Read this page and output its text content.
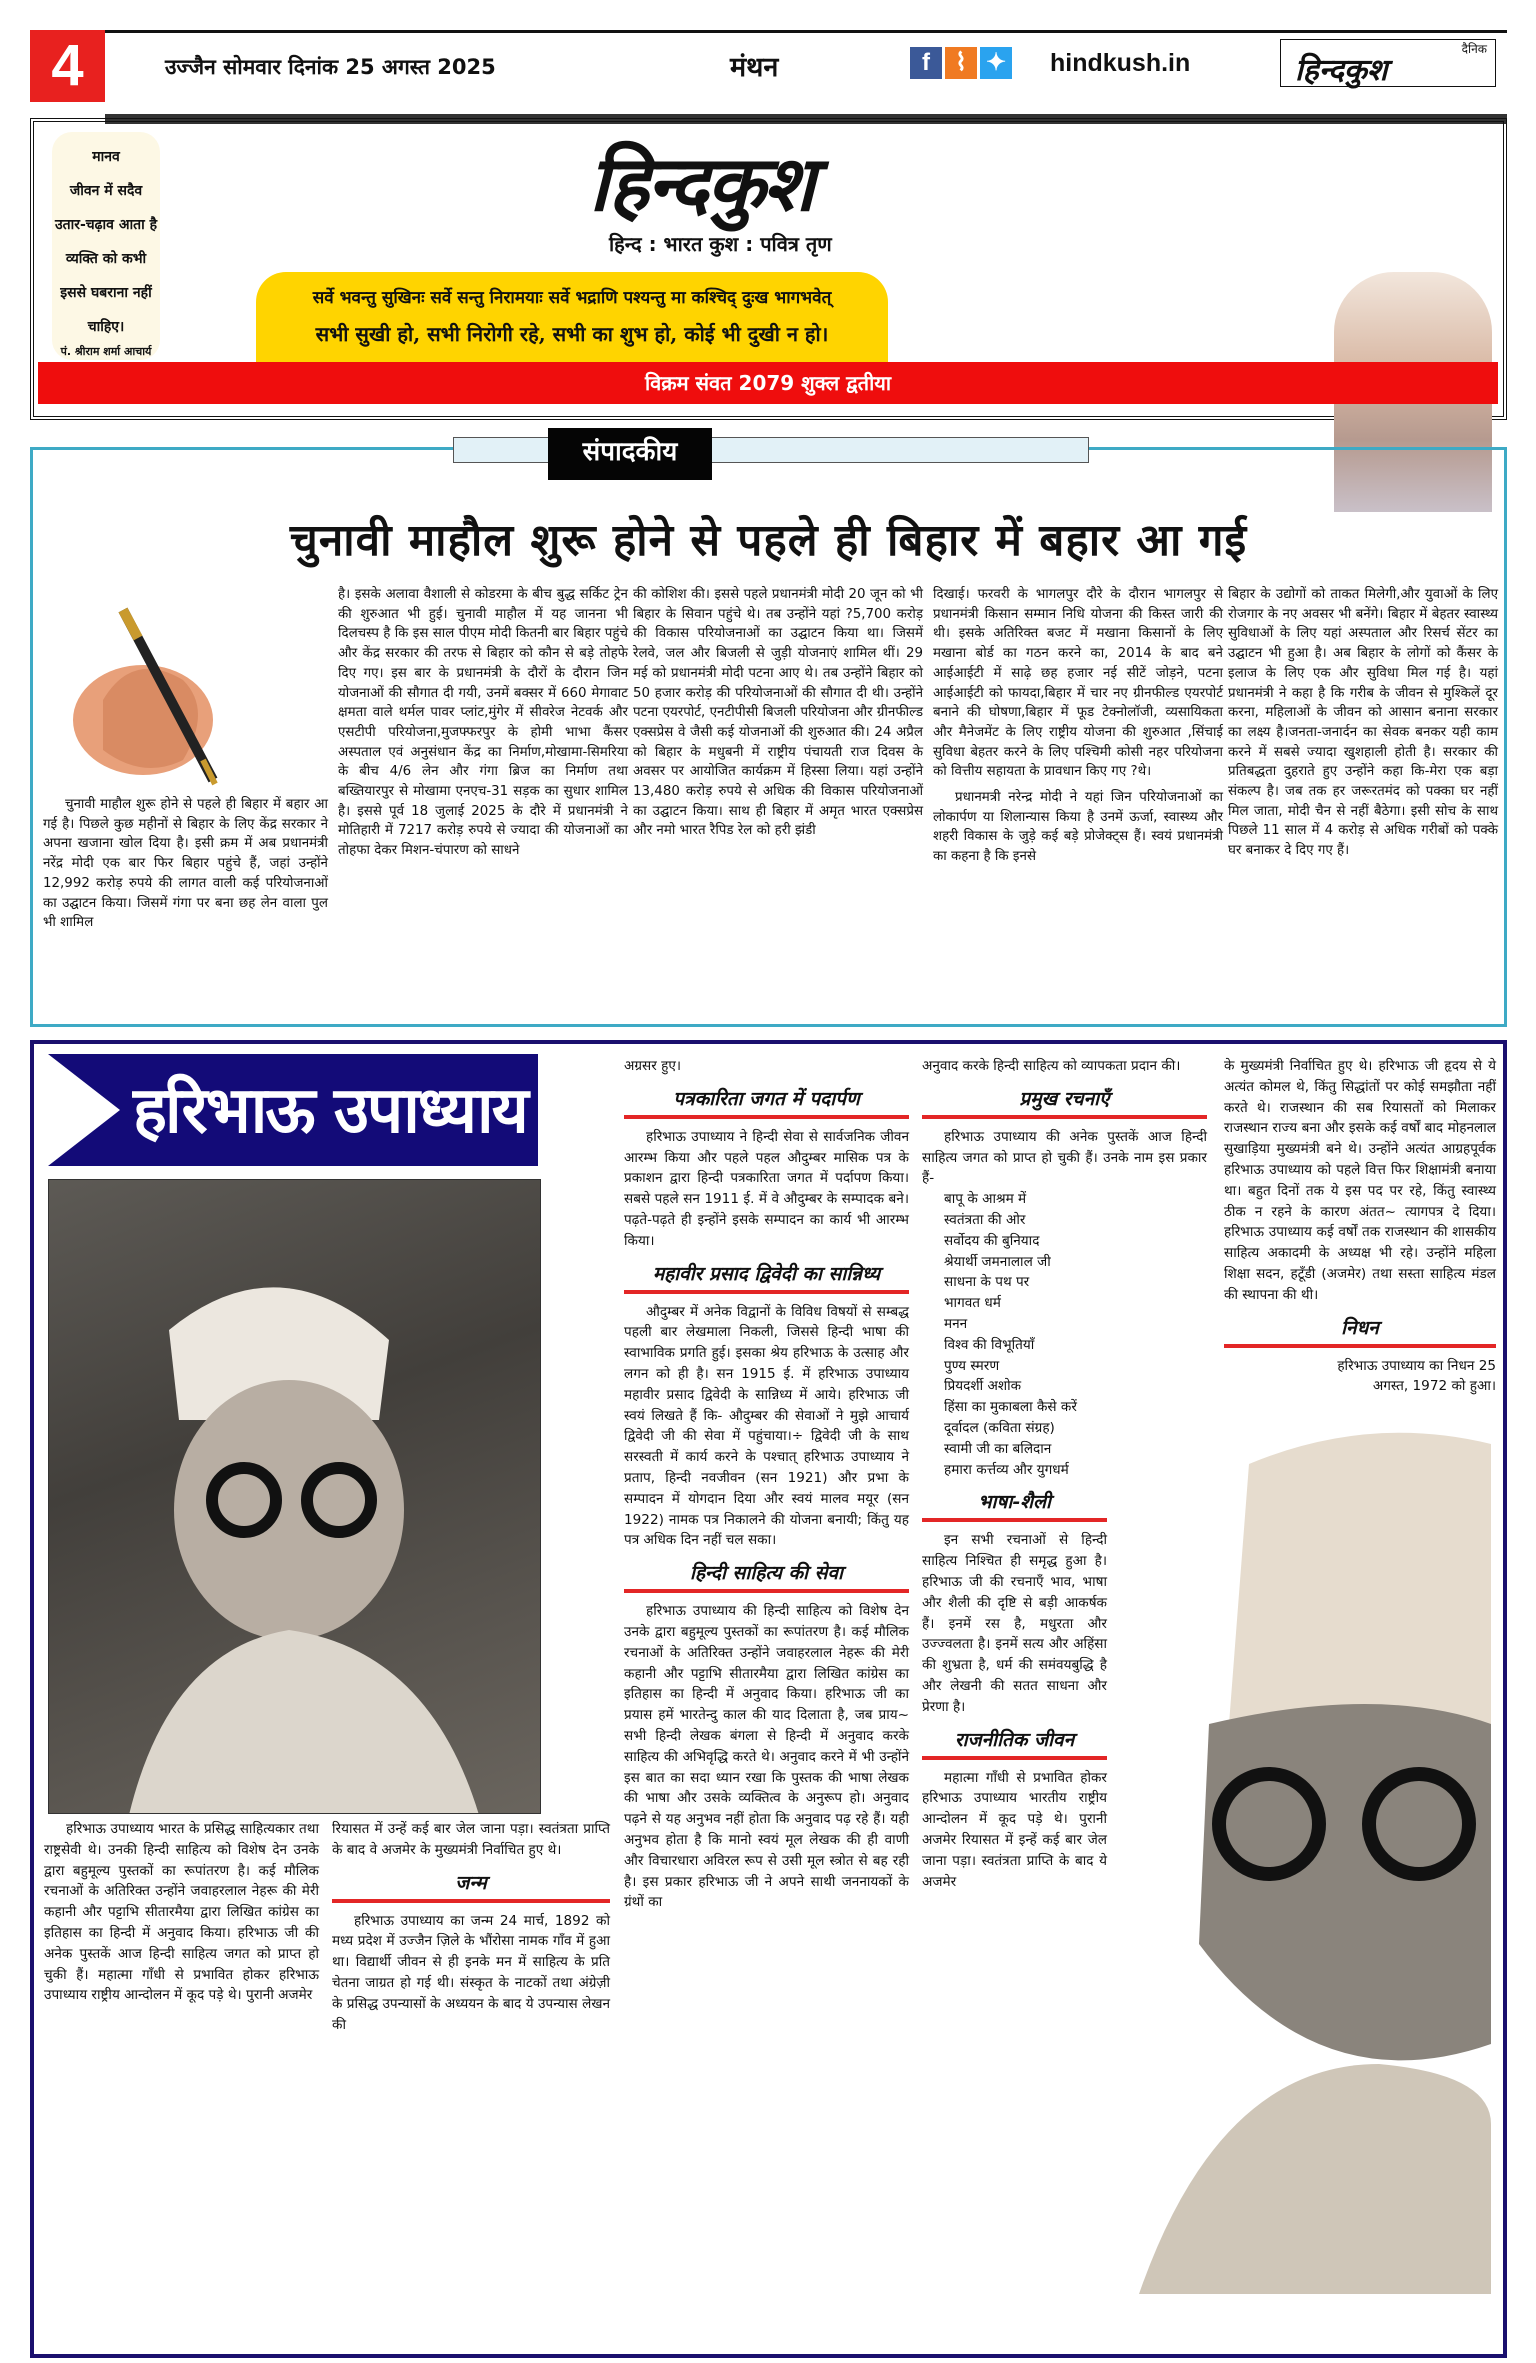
4	उज्जैन सोमवार दिनांक 25 अगस्त 2025	मंथन	f	⌇ ✦ hindkush.in	दैनिक
हिन्दकुश

मानव

जीवन में सदैव

उतार-चढ़ाव आता है

व्यक्ति को कभी

इससे घबराना नहीं

चाहिए।

पं. श्रीराम शर्मा आचार्य

हिन्दकुश
हिन्द : भारत कुश : पवित्र तृण

सर्वे भवन्तु सुखिनः सर्वे सन्तु निरामयाः सर्वे भद्राणि पश्यन्तु मा कश्चिद् दुःख भागभवेत्

सभी सुखी हो, सभी निरोगी रहे, सभी का शुभ हो, कोई भी दुखी न हो।

विक्रम संवत 2079 शुक्ल द्वतीया
संपादकीय
चुनावी माहौल शुरू होने से पहले ही बिहार में बहार आ गई
चुनावी माहौल शुरू होने से पहले ही बिहार में बहार आ गई है। पिछले कुछ महीनों से बिहार के लिए केंद्र सरकार ने अपना खजाना खोल दिया है। इसी क्रम में अब प्रधानमंत्री नरेंद्र मोदी एक बार फिर बिहार पहुंचे हैं, जहां उन्होंने 12,992 करोड़ रुपये की लागत वाली कई परियोजनाओं का उद्घाटन किया। जिसमें गंगा पर बना छह लेन वाला पुल भी शामिल
है। इसके अलावा वैशाली से कोडरमा के बीच बुद्ध सर्किट ट्रेन की शुरुआत भी हुई। चुनावी माहौल में यह जानना भी दिलचस्प है कि इस साल पीएम मोदी कितनी बार बिहार पहुंचे और केंद्र सरकार की तरफ से बिहार को कौन से बड़े तोहफे दिए गए। इस बार के प्रधानमंत्री के दौरों के दौरान जिन योजनाओं की सौगात दी गयी, उनमें बक्सर में 660 मेगावाट क्षमता वाले थर्मल पावर प्लांट,मुंगेर में सीवरेज नेटवर्क और एसटीपी परियोजना,मुजफ्फरपुर के होमी भाभा कैंसर अस्पताल एवं अनुसंधान केंद्र का निर्माण,मोखामा-सिमरिया के बीच 4/6 लेन और गंगा ब्रिज का निर्माण तथा बख्तियारपुर से मोखामा एनएच-31 सड़क का सुधार शामिल है। इससे पूर्व 18 जुलाई 2025 के दौरे में प्रधानमंत्री ने मोतिहारी में 7217 करोड़ रुपये से ज्यादा की योजनाओं का तोहफा देकर मिशन-चंपारण को साधने
की कोशिश की। इससे पहले प्रधानमंत्री मोदी 20 जून को भी बिहार के सिवान पहुंचे थे। तब उन्होंने यहां ?5,700 करोड़ की विकास परियोजनाओं का उद्घाटन किया था। जिसमें रेलवे, जल और बिजली से जुड़ी योजनाएं शामिल थीं। 29 मई को प्रधानमंत्री मोदी पटना आए थे। तब उन्होंने बिहार को 50 हजार करोड़ की परियोजनाओं की सौगात दी थी। उन्होंने पटना एयरपोर्ट, एनटीपीसी बिजली परियोजना और ग्रीनफील्ड एक्सप्रेस वे जैसी कई योजनाओं की शुरुआत की। 24 अप्रैल को बिहार के मधुबनी में राष्ट्रीय पंचायती राज दिवस के अवसर पर आयोजित कार्यक्रम में हिस्सा लिया। यहां उन्होंने 13,480 करोड़ रुपये से अधिक की विकास परियोजनाओं का उद्घाटन किया। साथ ही बिहार में अमृत भारत एक्सप्रेस और नमो भारत रैपिड रेल को हरी झंडी

दिखाई। फरवरी के भागलपुर दौरे के दौरान भागलपुर से प्रधानमंत्री किसान सम्मान निधि योजना की किस्त जारी की थी। इसके अतिरिक्त बजट में मखाना किसानों के लिए मखाना बोर्ड का गठन करने का, 2014 के बाद बने आईआईटी में साढ़े छह हजार नई सीटें जोड़ने, पटना आईआईटी को फायदा,बिहार में चार नए ग्रीनफील्ड एयरपोर्ट बनाने की घोषणा,बिहार में फूड टेक्नोलॉजी, व्यसायिकता और मैनेजमेंट के लिए राष्ट्रीय योजना की शुरुआत ,सिंचाई सुविधा बेहतर करने के लिए पश्चिमी कोसी नहर परियोजना को वित्तीय सहायता के प्रावधान किए गए ?थे।

प्रधानमत्री नरेन्द्र मोदी ने यहां जिन परियोजनाओं का लोकार्पण या शिलान्यास किया है उनमें ऊर्जा, स्वास्थ्य और शहरी विकास के जुड़े कई बड़े प्रोजेक्ट्स हैं। स्वयं प्रधानमंत्री का कहना है कि इनसे

बिहार के उद्योगों को ताकत मिलेगी,और युवाओं के लिए रोजगार के नए अवसर भी बनेंगे। बिहार में बेहतर स्वास्थ्य सुविधाओं के लिए यहां अस्पताल और रिसर्च सेंटर का उद्घाटन भी हुआ है। अब बिहार के लोगों को कैंसर के इलाज के लिए एक और सुविधा मिल गई है। यहां प्रधानमंत्री ने कहा है कि गरीब के जीवन से मुश्किलें दूर करना, महिलाओं के जीवन को आसान बनाना सरकार का लक्ष्य है।जनता-जनार्दन का सेवक बनकर यही काम करने में सबसे ज्यादा खुशहाली होती है। सरकार की प्रतिबद्धता दुहराते हुए उन्होंने कहा कि-मेरा एक बड़ा संकल्प है। जब तक हर जरूरतमंद को पक्का घर नहीं मिल जाता, मोदी चैन से नहीं बैठेगा। इसी सोच के साथ पिछले 11 साल में 4 करोड़ से अधिक गरीबों को पक्के घर बनाकर दे दिए गए हैं।
हरिभाऊ उपाध्याय
हरिभाऊ उपाध्याय भारत के प्रसिद्ध साहित्यकार तथा राष्ट्रसेवी थे। उनकी हिन्दी साहित्य को विशेष देन उनके द्वारा बहुमूल्य पुस्तकों का रूपांतरण है। कई मौलिक रचनाओं के अतिरिक्त उन्होंने जवाहरलाल नेहरू की मेरी कहानी और पट्टाभि सीतारमैया द्वारा लिखित कांग्रेस का इतिहास का हिन्दी में अनुवाद किया। हरिभाऊ जी की अनेक पुस्तकें आज हिन्दी साहित्य जगत को प्राप्त हो चुकी हैं। महात्मा गाँधी से प्रभावित होकर हरिभाऊ उपाध्याय राष्ट्रीय आन्दोलन में कूद पड़े थे। पुरानी अजमेर

रियासत में उन्हें कई बार जेल जाना पड़ा। स्वतंत्रता प्राप्ति के बाद वे अजमेर के मुख्यमंत्री निर्वाचित हुए थे।

जन्म

हरिभाऊ उपाध्याय का जन्म 24 मार्च, 1892 को मध्य प्रदेश में उज्जैन ज़िले के भौंरोसा नामक गाँव में हुआ था। विद्यार्थी जीवन से ही इनके मन में साहित्य के प्रति चेतना जाग्रत हो गई थी। संस्कृत के नाटकों तथा अंग्रेज़ी के प्रसिद्ध उपन्यासों के अध्ययन के बाद ये उपन्यास लेखन की

अग्रसर हुए।

पत्रकारिता जगत में पदार्पण

हरिभाऊ उपाध्याय ने हिन्दी सेवा से सार्वजनिक जीवन आरम्भ किया और पहले पहल औदुम्बर मासिक पत्र के प्रकाशन द्वारा हिन्दी पत्रकारिता जगत में पर्दापण किया। सबसे पहले सन 1911 ई. में वे औदुम्बर के सम्पादक बने। पढ़ते-पढ़ते ही इन्होंने इसके सम्पादन का कार्य भी आरम्भ किया।

महावीर प्रसाद द्विवेदी का सान्निध्य

औदुम्बर में अनेक विद्वानों के विविध विषयों से सम्बद्ध पहली बार लेखमाला निकली, जिससे हिन्दी भाषा की स्वाभाविक प्रगति हुई। इसका श्रेय हरिभाऊ के उत्साह और लगन को ही है। सन 1915 ई. में हरिभाऊ उपाध्याय महावीर प्रसाद द्विवेदी के सान्निध्य में आये। हरिभाऊ जी स्वयं लिखते हैं कि- औदुम्बर की सेवाओं ने मुझे आचार्य द्विवेदी जी की सेवा में पहुंचाया।÷ द्विवेदी जी के साथ सरस्वती में कार्य करने के पश्चात् हरिभाऊ उपाध्याय ने प्रताप, हिन्दी नवजीवन (सन 1921) और प्रभा के सम्पादन में योगदान दिया और स्वयं मालव मयूर (सन 1922) नामक पत्र निकालने की योजना बनायी; किंतु यह पत्र अधिक दिन नहीं चल सका।

हिन्दी साहित्य की सेवा

हरिभाऊ उपाध्याय की हिन्दी साहित्य को विशेष देन उनके द्वारा बहुमूल्य पुस्तकों का रूपांतरण है। कई मौलिक रचनाओं के अतिरिक्त उन्होंने जवाहरलाल नेहरू की मेरी कहानी और पट्टाभि सीतारमैया द्वारा लिखित कांग्रेस का इतिहास का हिन्दी में अनुवाद किया। हरिभाऊ जी का प्रयास हमें भारतेन्दु काल की याद दिलाता है, जब प्राय~ सभी हिन्दी लेखक बंगला से हिन्दी में अनुवाद करके साहित्य की अभिवृद्धि करते थे। अनुवाद करने में भी उन्होंने इस बात का सदा ध्यान रखा कि पुस्तक की भाषा लेखक की भाषा और उसके व्यक्तित्व के अनुरूप हो। अनुवाद पढ़ने से यह अनुभव नहीं होता कि अनुवाद पढ़ रहे हैं। यही अनुभव होता है कि मानो स्वयं मूल लेखक की ही वाणी और विचारधारा अविरल रूप से उसी मूल स्त्रोत से बह रही है। इस प्रकार हरिभाऊ जी ने अपने साथी जननायकों के ग्रंथों का

अनुवाद करके हिन्दी साहित्य को व्यापकता प्रदान की।

प्रमुख रचनाएँ

हरिभाऊ उपाध्याय की अनेक पुस्तकें आज हिन्दी साहित्य जगत को प्राप्त हो चुकी हैं। उनके नाम इस प्रकार हैं-

बापू के आश्रम में
स्वतंत्रता की ओर
सर्वोदय की बुनियाद
श्रेयार्थी जमनालाल जी
साधना के पथ पर
भागवत धर्म
मनन
विश्व की विभूतियाँ
पुण्य स्मरण
प्रियदर्शी अशोक
हिंसा का मुकाबला कैसे करें
दूर्वादल (कविता संग्रह)
स्वामी जी का बलिदान
हमारा कर्त्तव्य और युगधर्म
भाषा-शैली

इन सभी रचनाओं से हिन्दी साहित्य निश्चित ही समृद्ध हुआ है। हरिभाऊ जी की रचनाएँ भाव, भाषा और शैली की दृष्टि से बड़ी आकर्षक हैं। इनमें रस है, मधुरता और उज्ज्वलता है। इनमें सत्य और अहिंसा की शुभ्रता है, धर्म की समंवयबुद्धि है और लेखनी की सतत साधना और प्रेरणा है।

राजनीतिक जीवन

महात्मा गाँधी से प्रभावित होकर हरिभाऊ उपाध्याय भारतीय राष्ट्रीय आन्दोलन में कूद पड़े थे। पुरानी अजमेर रियासत में इन्हें कई बार जेल जाना पड़ा। स्वतंत्रता प्राप्ति के बाद ये अजमेर

के मुख्यमंत्री निर्वाचित हुए थे। हरिभाऊ जी हृदय से ये अत्यंत कोमल थे, किंतु सिद्धांतों पर कोई समझौता नहीं करते थे। राजस्थान की सब रियासतों को मिलाकर राजस्थान राज्य बना और इसके कई वर्षों बाद मोहनलाल सुखाड़िया मुख्यमंत्री बने थे। उन्होंने अत्यंत आग्रहपूर्वक हरिभाऊ उपाध्याय को पहले वित्त फिर शिक्षामंत्री बनाया था। बहुत दिनों तक ये इस पद पर रहे, किंतु स्वास्थ्य ठीक न रहने के कारण अंतत~ त्यागपत्र दे दिया। हरिभाऊ उपाध्याय कई वर्षों तक राजस्थान की शासकीय साहित्य अकादमी के अध्यक्ष भी रहे। उन्होंने महिला शिक्षा सदन, हटूँडी (अजमेर) तथा सस्ता साहित्य मंडल की स्थापना की थी।

निधन

हरिभाऊ उपाध्याय का निधन 25 अगस्त, 1972 को हुआ।
